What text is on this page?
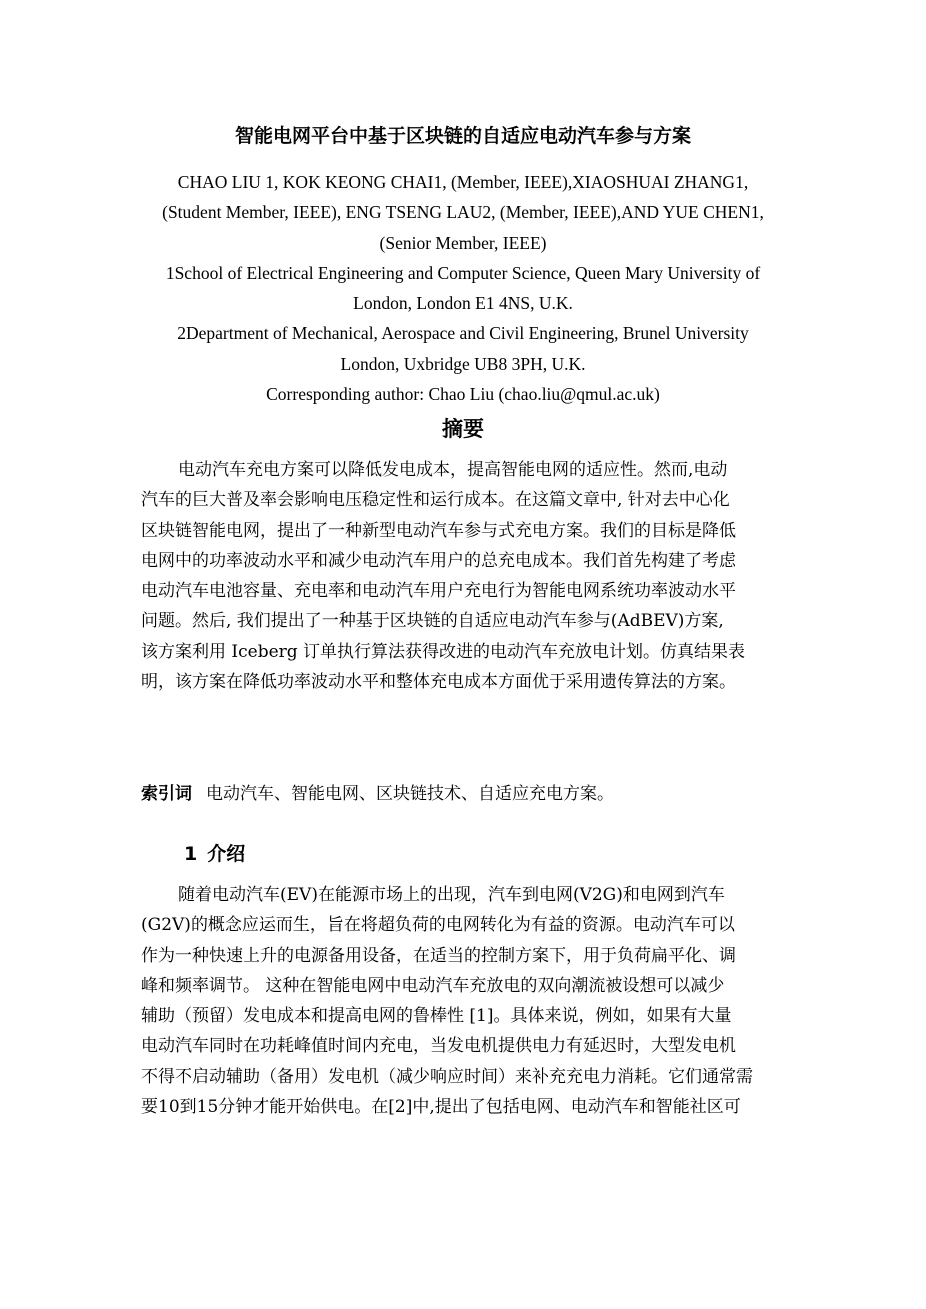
智能电网平台中基于区块链的自适应电动汽车参与方案
CHAO LIU 1, KOK KEONG CHAI1, (Member, IEEE),XIAOSHUAI ZHANG1,
(Student Member, IEEE), ENG TSENG LAU2, (Member, IEEE),AND YUE CHEN1,
(Senior Member, IEEE)
1School of Electrical Engineering and Computer Science, Queen Mary University of
London, London E1 4NS, U.K.
2Department of Mechanical, Aerospace and Civil Engineering, Brunel University
London, Uxbridge UB8 3PH, U.K.
Corresponding author: Chao Liu (chao.liu@qmul.ac.uk)
摘要
电动汽车充电方案可以降低发电成本，提高智能电网的适应性。然而,电动
汽车的巨大普及率会影响电压稳定性和运行成本。在这篇文章中, 针对去中心化
区块链智能电网，提出了一种新型电动汽车参与式充电方案。我们的目标是降低
电网中的功率波动水平和减少电动汽车用户的总充电成本。我们首先构建了考虑
电动汽车电池容量、充电率和电动汽车用户充电行为智能电网系统功率波动水平
问题。然后, 我们提出了一种基于区块链的自适应电动汽车参与(AdBEV)方案,
该方案利用 Iceberg 订单执行算法获得改进的电动汽车充放电计划。仿真结果表
明，该方案在降低功率波动水平和整体充电成本方面优于采用遗传算法的方案。
索引词 电动汽车、智能电网、区块链技术、自适应充电方案。
1 介绍
随着电动汽车(EV)在能源市场上的出现，汽车到电网(V2G)和电网到汽车
(G2V)的概念应运而生，旨在将超负荷的电网转化为有益的资源。电动汽车可以
作为一种快速上升的电源备用设备，在适当的控制方案下，用于负荷扁平化、调
峰和频率调节。 这种在智能电网中电动汽车充放电的双向潮流被设想可以减少
辅助（预留）发电成本和提高电网的鲁棒性 [1]。具体来说，例如，如果有大量
电动汽车同时在功耗峰值时间内充电，当发电机提供电力有延迟时，大型发电机
不得不启动辅助（备用）发电机（减少响应时间）来补充充电力消耗。它们通常需
要10到15分钟才能开始供电。在[2]中,提出了包括电网、电动汽车和智能社区可
